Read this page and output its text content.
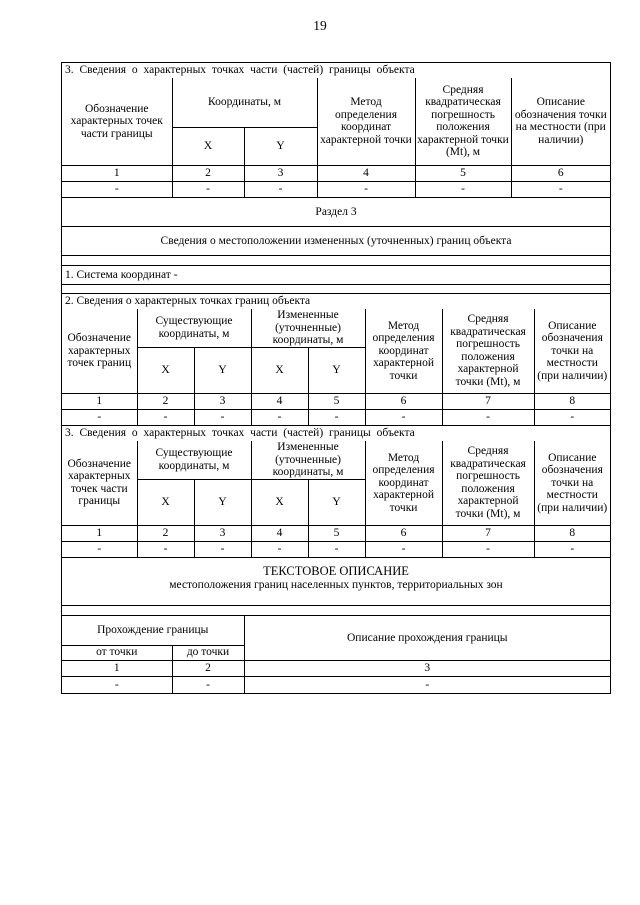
19
3. Сведения о характерных точках части (частей) границы объекта
Обозначение характерных точек части границы	Координаты, м		Метод определения координат характерной точки	Средняя квадратическая погрешность положения характерной точки (Mt), м	Описание обозначения точки на местности (при наличии)
	X	Y			
1	2	3	4	5	6
-	-	-	-	-	-
Раздел 3
Сведения о местоположении измененных (уточненных) границ объекта
1. Система координат -
2. Сведения о характерных точках границ объекта
Обозначение характерных точек границ	Существующие координаты, м		Измененные (уточненные) координаты, м		Метод определения координат характерной точки	Средняя квадратическая погрешность положения характерной точки (Mt), м	Описание обозначения точки на местности (при наличии)
	X	Y	X	Y			
1	2	3	4	5	6	7	8
-	-	-	-	-	-	-	-
3. Сведения о характерных точках части (частей) границы объекта
Обозначение характерных точек части границы	Существующие координаты, м		Измененные (уточненные) координаты, м		Метод определения координат характерной точки	Средняя квадратическая погрешность положения характерной точки (Mt), м	Описание обозначения точки на местности (при наличии)
	X	Y	X	Y			
1	2	3	4	5	6	7	8
-	-	-	-	-	-	-	-
ТЕКСТОВОЕ ОПИСАНИЕ
местоположения границ населенных пунктов, территориальных зон
Прохождение границы		Описание прохождения границы
от точки	до точки	
1	2	3
-	-	-
